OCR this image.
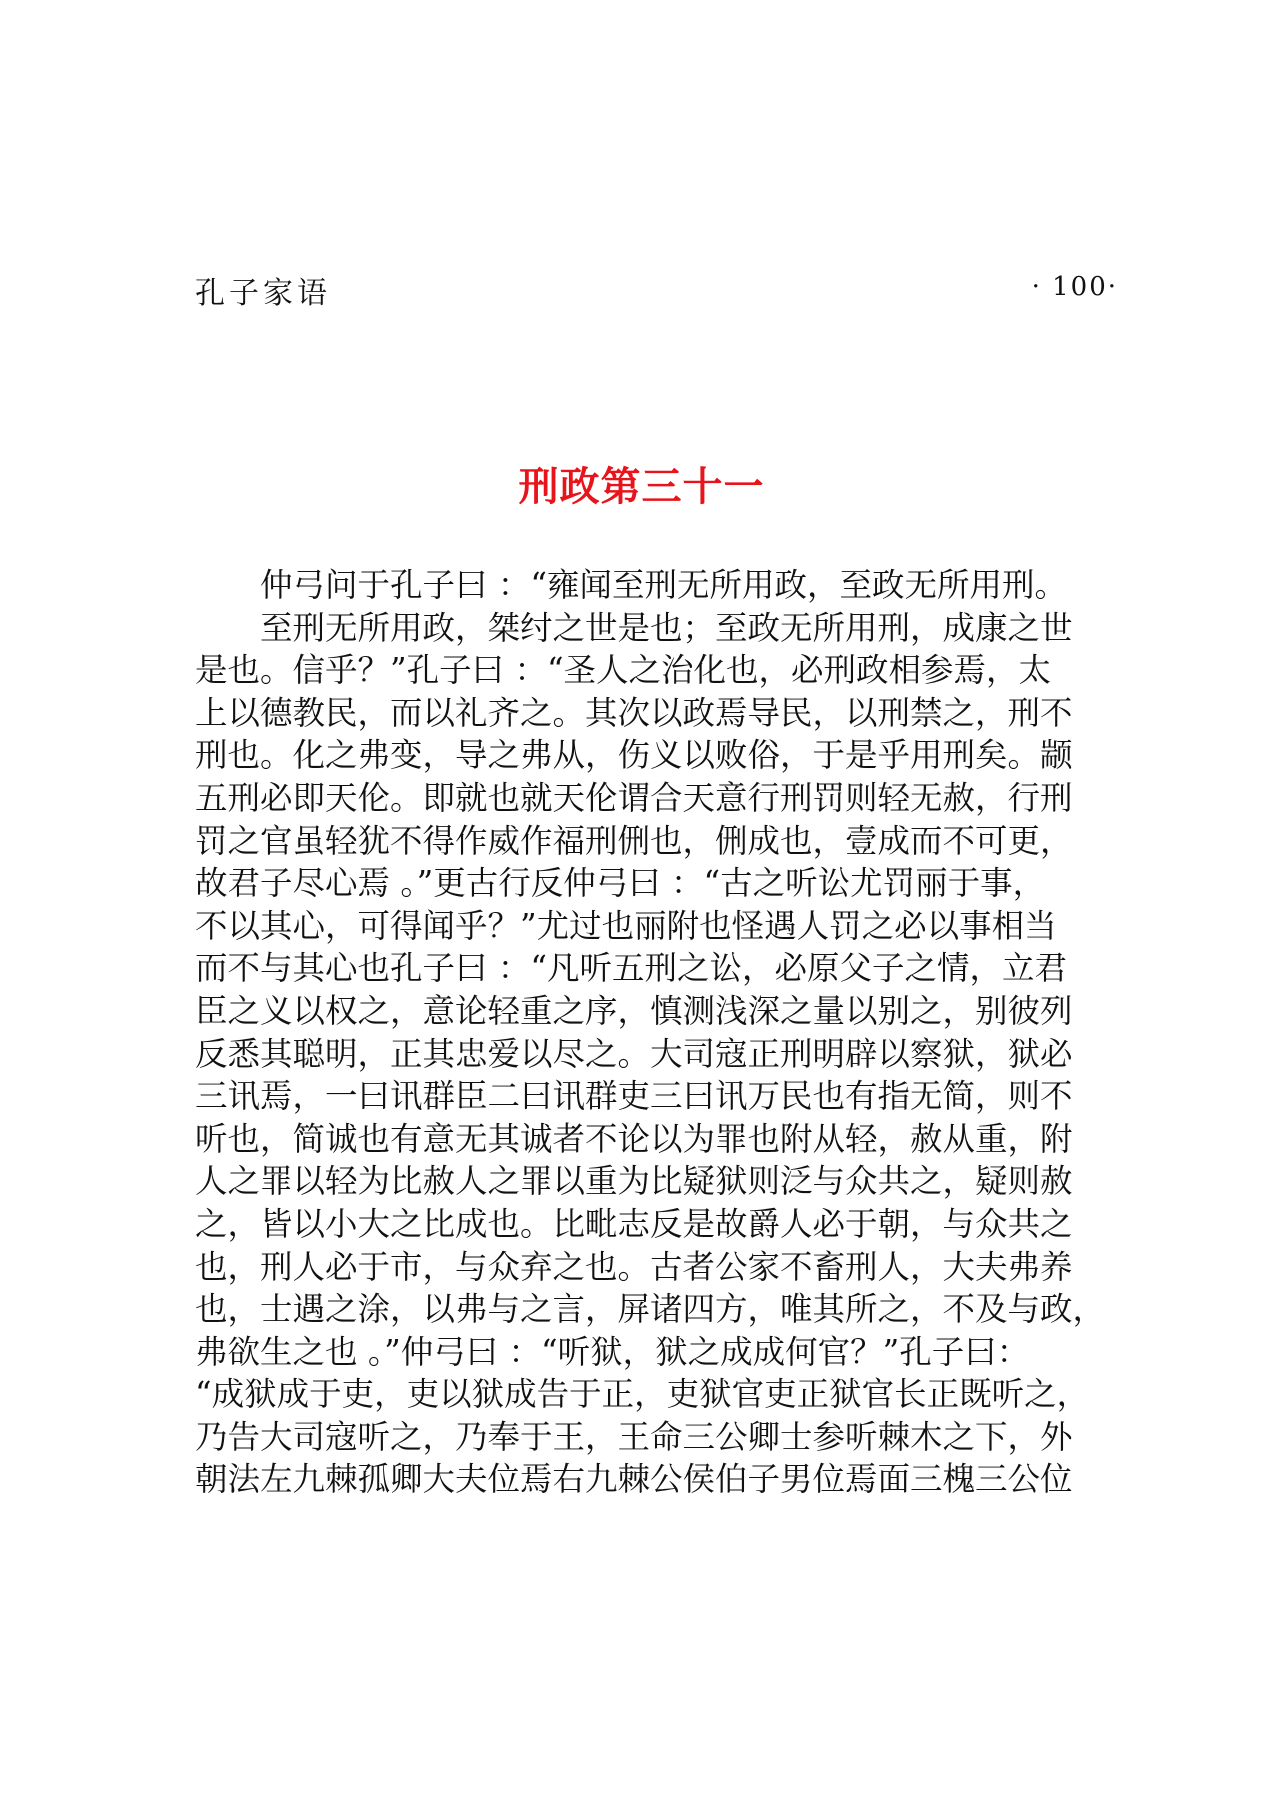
孔子家语	· 100·
刑政第三十一
仲弓问于孔子曰 ：“雍闻至刑无所用政，至政无所用刑。
至刑无所用政，桀纣之世是也；至政无所用刑，成康之世
是也。信乎？”孔子曰 ：“圣人之治化也，必刑政相参焉，太
上以德教民，而以礼齐之。其次以政焉导民，以刑禁之，刑不
刑也。化之弗变，导之弗从，伤义以败俗，于是乎用刑矣。颛
五刑必即天伦。即就也就天伦谓合天意行刑罚则轻无赦，行刑
罚之官虽轻犹不得作威作福刑侀也，侀成也，壹成而不可更，
故君子尽心焉 。”更古行反仲弓曰 ：“古之听讼尤罚丽于事，
不以其心，可得闻乎？”尤过也丽附也怪遇人罚之必以事相当
而不与其心也孔子曰 ：“凡听五刑之讼，必原父子之情，立君
臣之义以权之，意论轻重之序，慎测浅深之量以别之，别彼列
反悉其聪明，正其忠爱以尽之。大司寇正刑明辟以察狱，狱必
三讯焉，一曰讯群臣二曰讯群吏三曰讯万民也有指无简，则不
听也，简诚也有意无其诚者不论以为罪也附从轻，赦从重，附
人之罪以轻为比赦人之罪以重为比疑狱则泛与众共之，疑则赦
之，皆以小大之比成也。比毗志反是故爵人必于朝，与众共之
也，刑人必于市，与众弃之也。古者公家不畜刑人，大夫弗养
也，士遇之涂，以弗与之言，屏诸四方，唯其所之，不及与政，
弗欲生之也 。”仲弓曰 ：“听狱，狱之成成何官？”孔子曰：
“成狱成于吏，吏以狱成告于正，吏狱官吏正狱官长正既听之，
乃告大司寇听之，乃奉于王，王命三公卿士参听棘木之下，外
朝法左九棘孤卿大夫位焉右九棘公侯伯子男位焉面三槐三公位
